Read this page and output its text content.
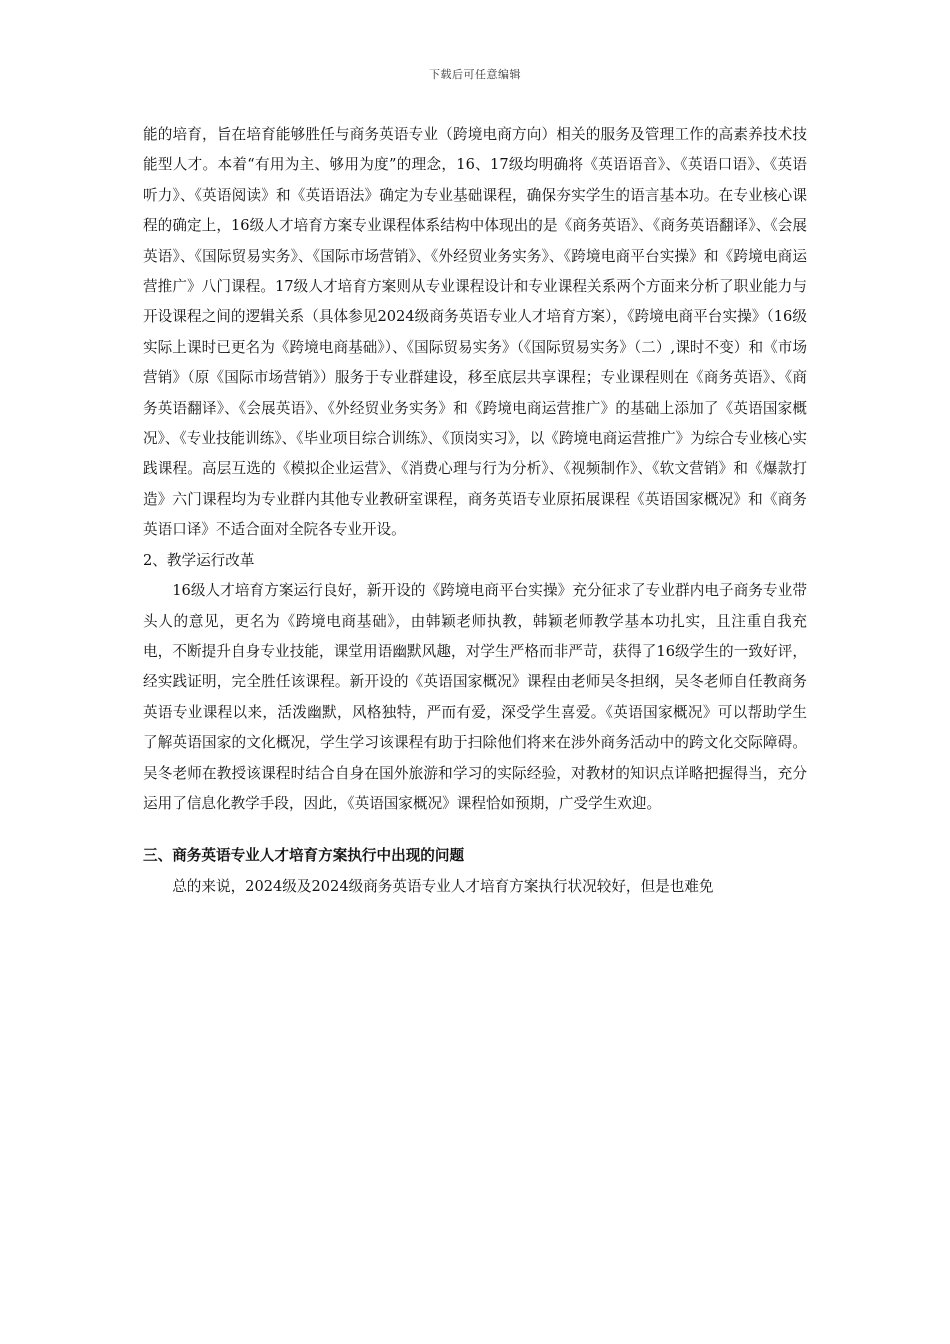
下载后可任意编辑

能的培育，旨在培育能够胜任与商务英语专业（跨境电商方向）相关的服务及管理工作的高素养技术技能型人才。本着“有用为主、够用为度”的理念，16、17级均明确将《英语语音》、《英语口语》、《英语听力》、《英语阅读》和《英语语法》确定为专业基础课程，确保夯实学生的语言基本功。在专业核心课程的确定上，16级人才培育方案专业课程体系结构中体现出的是《商务英语》、《商务英语翻译》、《会展英语》、《国际贸易实务》、《国际市场营销》、《外经贸业务实务》、《跨境电商平台实操》和《跨境电商运营推广》八门课程。17级人才培育方案则从专业课程设计和专业课程关系两个方面来分析了职业能力与开设课程之间的逻辑关系（具体参见2024级商务英语专业人才培育方案），《跨境电商平台实操》（16级实际上课时已更名为《跨境电商基础》）、《国际贸易实务》（《国际贸易实务》（二）,课时不变）和《市场营销》（原《国际市场营销》）服务于专业群建设，移至底层共享课程；专业课程则在《商务英语》、《商务英语翻译》、《会展英语》、《外经贸业务实务》和《跨境电商运营推广》的基础上添加了《英语国家概况》、《专业技能训练》、《毕业项目综合训练》、《顶岗实习》，以《跨境电商运营推广》为综合专业核心实践课程。高层互选的《模拟企业运营》、《消费心理与行为分析》、《视频制作》、《软文营销》和《爆款打造》六门课程均为专业群内其他专业教研室课程，商务英语专业原拓展课程《英语国家概况》和《商务英语口译》不适合面对全院各专业开设。

2、教学运行改革

16级人才培育方案运行良好，新开设的《跨境电商平台实操》充分征求了专业群内电子商务专业带头人的意见，更名为《跨境电商基础》，由韩颖老师执教，韩颖老师教学基本功扎实，且注重自我充电，不断提升自身专业技能，课堂用语幽默风趣，对学生严格而非严苛，获得了16级学生的一致好评，经实践证明，完全胜任该课程。新开设的《英语国家概况》课程由老师吴冬担纲，吴冬老师自任教商务英语专业课程以来，活泼幽默，风格独特，严而有爱，深受学生喜爱。《英语国家概况》可以帮助学生了解英语国家的文化概况，学生学习该课程有助于扫除他们将来在涉外商务活动中的跨文化交际障碍。吴冬老师在教授该课程时结合自身在国外旅游和学习的实际经验，对教材的知识点详略把握得当，充分运用了信息化教学手段，因此，《英语国家概况》课程恰如预期，广受学生欢迎。

三、商务英语专业人才培育方案执行中出现的问题

总的来说，2024级及2024级商务英语专业人才培育方案执行状况较好，但是也难免
